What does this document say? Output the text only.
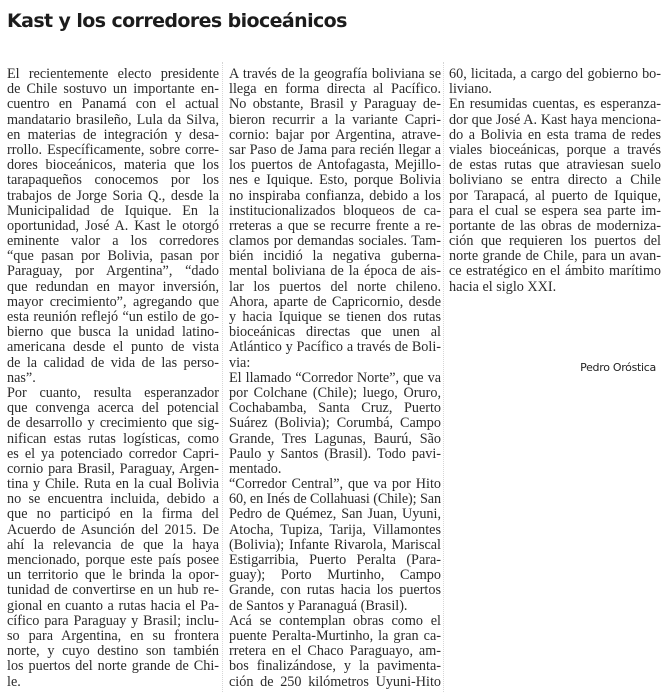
Kast y los corredores bioceánicos
El recientemente electo presidente
de Chile sostuvo un importante en-
cuentro en Panamá con el actual
mandatario brasileño, Lula da Silva,
en materias de integración y desa-
rrollo. Específicamente, sobre corre-
dores bioceánicos, materia que los
tarapaqueños conocemos por los
trabajos de Jorge Soria Q., desde la
Municipalidad de Iquique. En la
oportunidad, José A. Kast le otorgó
eminente valor a los corredores
“que pasan por Bolivia, pasan por
Paraguay, por Argentina”, “dado
que redundan en mayor inversión,
mayor crecimiento”, agregando que
esta reunión reflejó “un estilo de go-
bierno que busca la unidad latino-
americana desde el punto de vista
de la calidad de vida de las perso-
nas”.
Por cuanto, resulta esperanzador
que convenga acerca del potencial
de desarrollo y crecimiento que sig-
nifican estas rutas logísticas, como
es el ya potenciado corredor Capri-
cornio para Brasil, Paraguay, Argen-
tina y Chile. Ruta en la cual Bolivia
no se encuentra incluida, debido a
que no participó en la firma del
Acuerdo de Asunción del 2015. De
ahí la relevancia de que la haya
mencionado, porque este país posee
un territorio que le brinda la opor-
tunidad de convertirse en un hub re-
gional en cuanto a rutas hacia el Pa-
cífico para Paraguay y Brasil; inclu-
so para Argentina, en su frontera
norte, y cuyo destino son también
los puertos del norte grande de Chi-
le.
A través de la geografía boliviana se
llega en forma directa al Pacífico.
No obstante, Brasil y Paraguay de-
bieron recurrir a la variante Capri-
cornio: bajar por Argentina, atrave-
sar Paso de Jama para recién llegar a
los puertos de Antofagasta, Mejillo-
nes e Iquique. Esto, porque Bolivia
no inspiraba confianza, debido a los
institucionalizados bloqueos de ca-
rreteras a que se recurre frente a re-
clamos por demandas sociales. Tam-
bién incidió la negativa guberna-
mental boliviana de la época de ais-
lar los puertos del norte chileno.
Ahora, aparte de Capricornio, desde
y hacia Iquique se tienen dos rutas
bioceánicas directas que unen al
Atlántico y Pacífico a través de Boli-
via:
El llamado “Corredor Norte”, que va
por Colchane (Chile); luego, Oruro,
Cochabamba, Santa Cruz, Puerto
Suárez (Bolivia); Corumbá, Campo
Grande, Tres Lagunas, Baurú, São
Paulo y Santos (Brasil). Todo pavi-
mentado.
“Corredor Central”, que va por Hito
60, en Inés de Collahuasi (Chile); San
Pedro de Quémez, San Juan, Uyuni,
Atocha, Tupiza, Tarija, Villamontes
(Bolivia); Infante Rivarola, Mariscal
Estigarribia, Puerto Peralta (Para-
guay); Porto Murtinho, Campo
Grande, con rutas hacia los puertos
de Santos y Paranaguá (Brasil).
Acá se contemplan obras como el
puente Peralta-Murtinho, la gran ca-
rretera en el Chaco Paraguayo, am-
bos finalizándose, y la pavimenta-
ción de 250 kilómetros Uyuni-Hito
60, licitada, a cargo del gobierno bo-
liviano.
En resumidas cuentas, es esperanza-
dor que José A. Kast haya menciona-
do a Bolivia en esta trama de redes
viales bioceánicas, porque a través
de estas rutas que atraviesan suelo
boliviano se entra directo a Chile
por Tarapacá, al puerto de Iquique,
para el cual se espera sea parte im-
portante de las obras de moderniza-
ción que requieren los puertos del
norte grande de Chile, para un avan-
ce estratégico en el ámbito marítimo
hacia el siglo XXI.
Pedro Oróstica
